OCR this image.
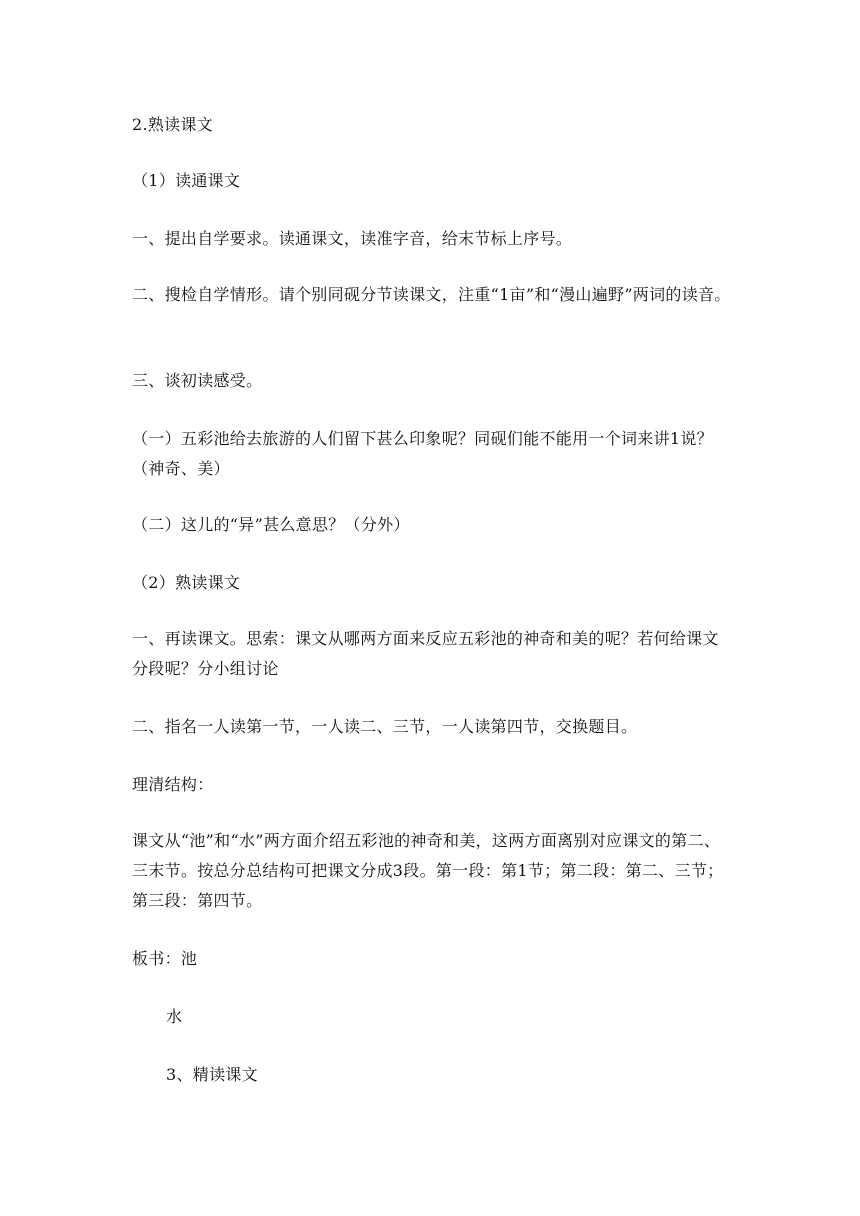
2.熟读课文

（1）读通课文

一、提出自学要求。读通课文，读准字音，给末节标上序号。

二、搜检自学情形。请个别同砚分节读课文，注重“1亩”和“漫山遍野”两词的读音。

三、谈初读感受。

（一）五彩池给去旅游的人们留下甚么印象呢？同砚们能不能用一个词来讲1说？（神奇、美）

（二）这儿的“异”甚么意思？（分外）

（2）熟读课文

一、再读课文。思索：课文从哪两方面来反应五彩池的神奇和美的呢？若何给课文分段呢？分小组讨论

二、指名一人读第一节，一人读二、三节，一人读第四节，交换题目。

理清结构：

课文从“池”和“水”两方面介绍五彩池的神奇和美，这两方面离别对应课文的第二、三末节。按总分总结构可把课文分成3段。第一段：第1节；第二段：第二、三节；第三段：第四节。

板书：池

水

3、精读课文
